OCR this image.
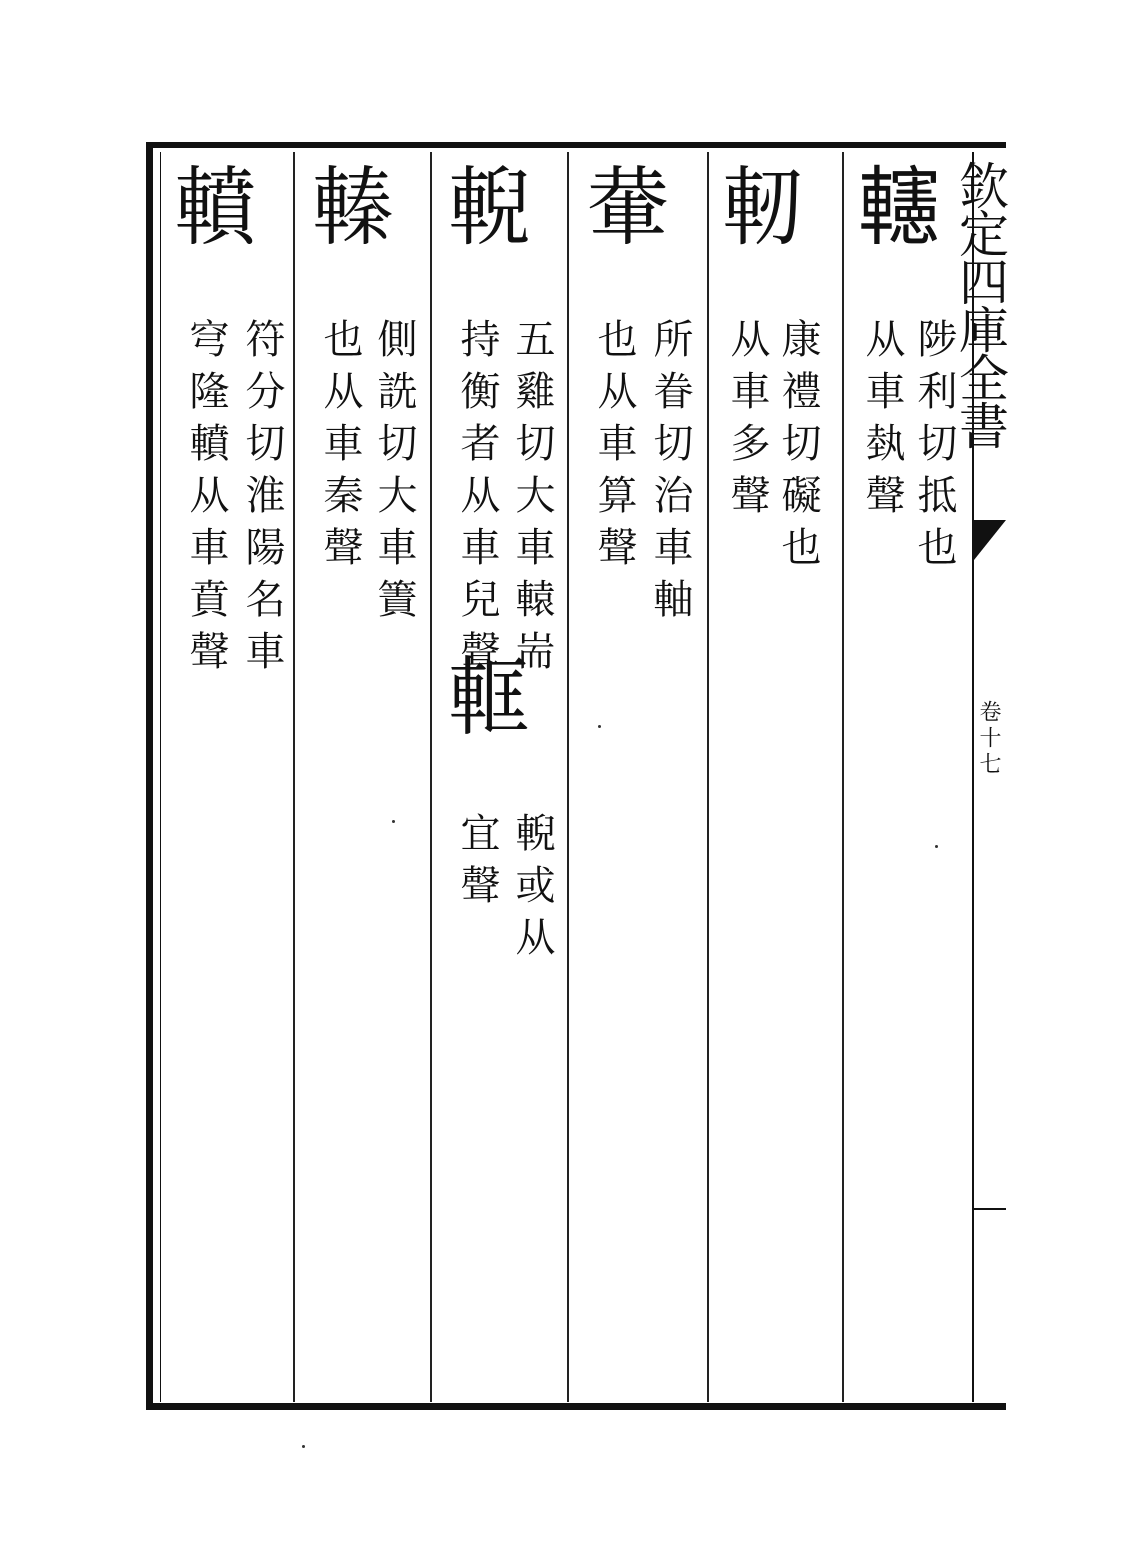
欽定四庫全書
卷十七
𨏥
陟利切抵也
从車埶聲
軔
康禮切礙也
从車多聲
輂
所眷切治車軸
也从車算聲
輗
五雞切大車轅耑
持衡者从車兒聲
軭
輗或从
宜聲
轃
側詵切大車簀
也从車秦聲
轒
符分切淮陽名車
穹隆轒从車賁聲
